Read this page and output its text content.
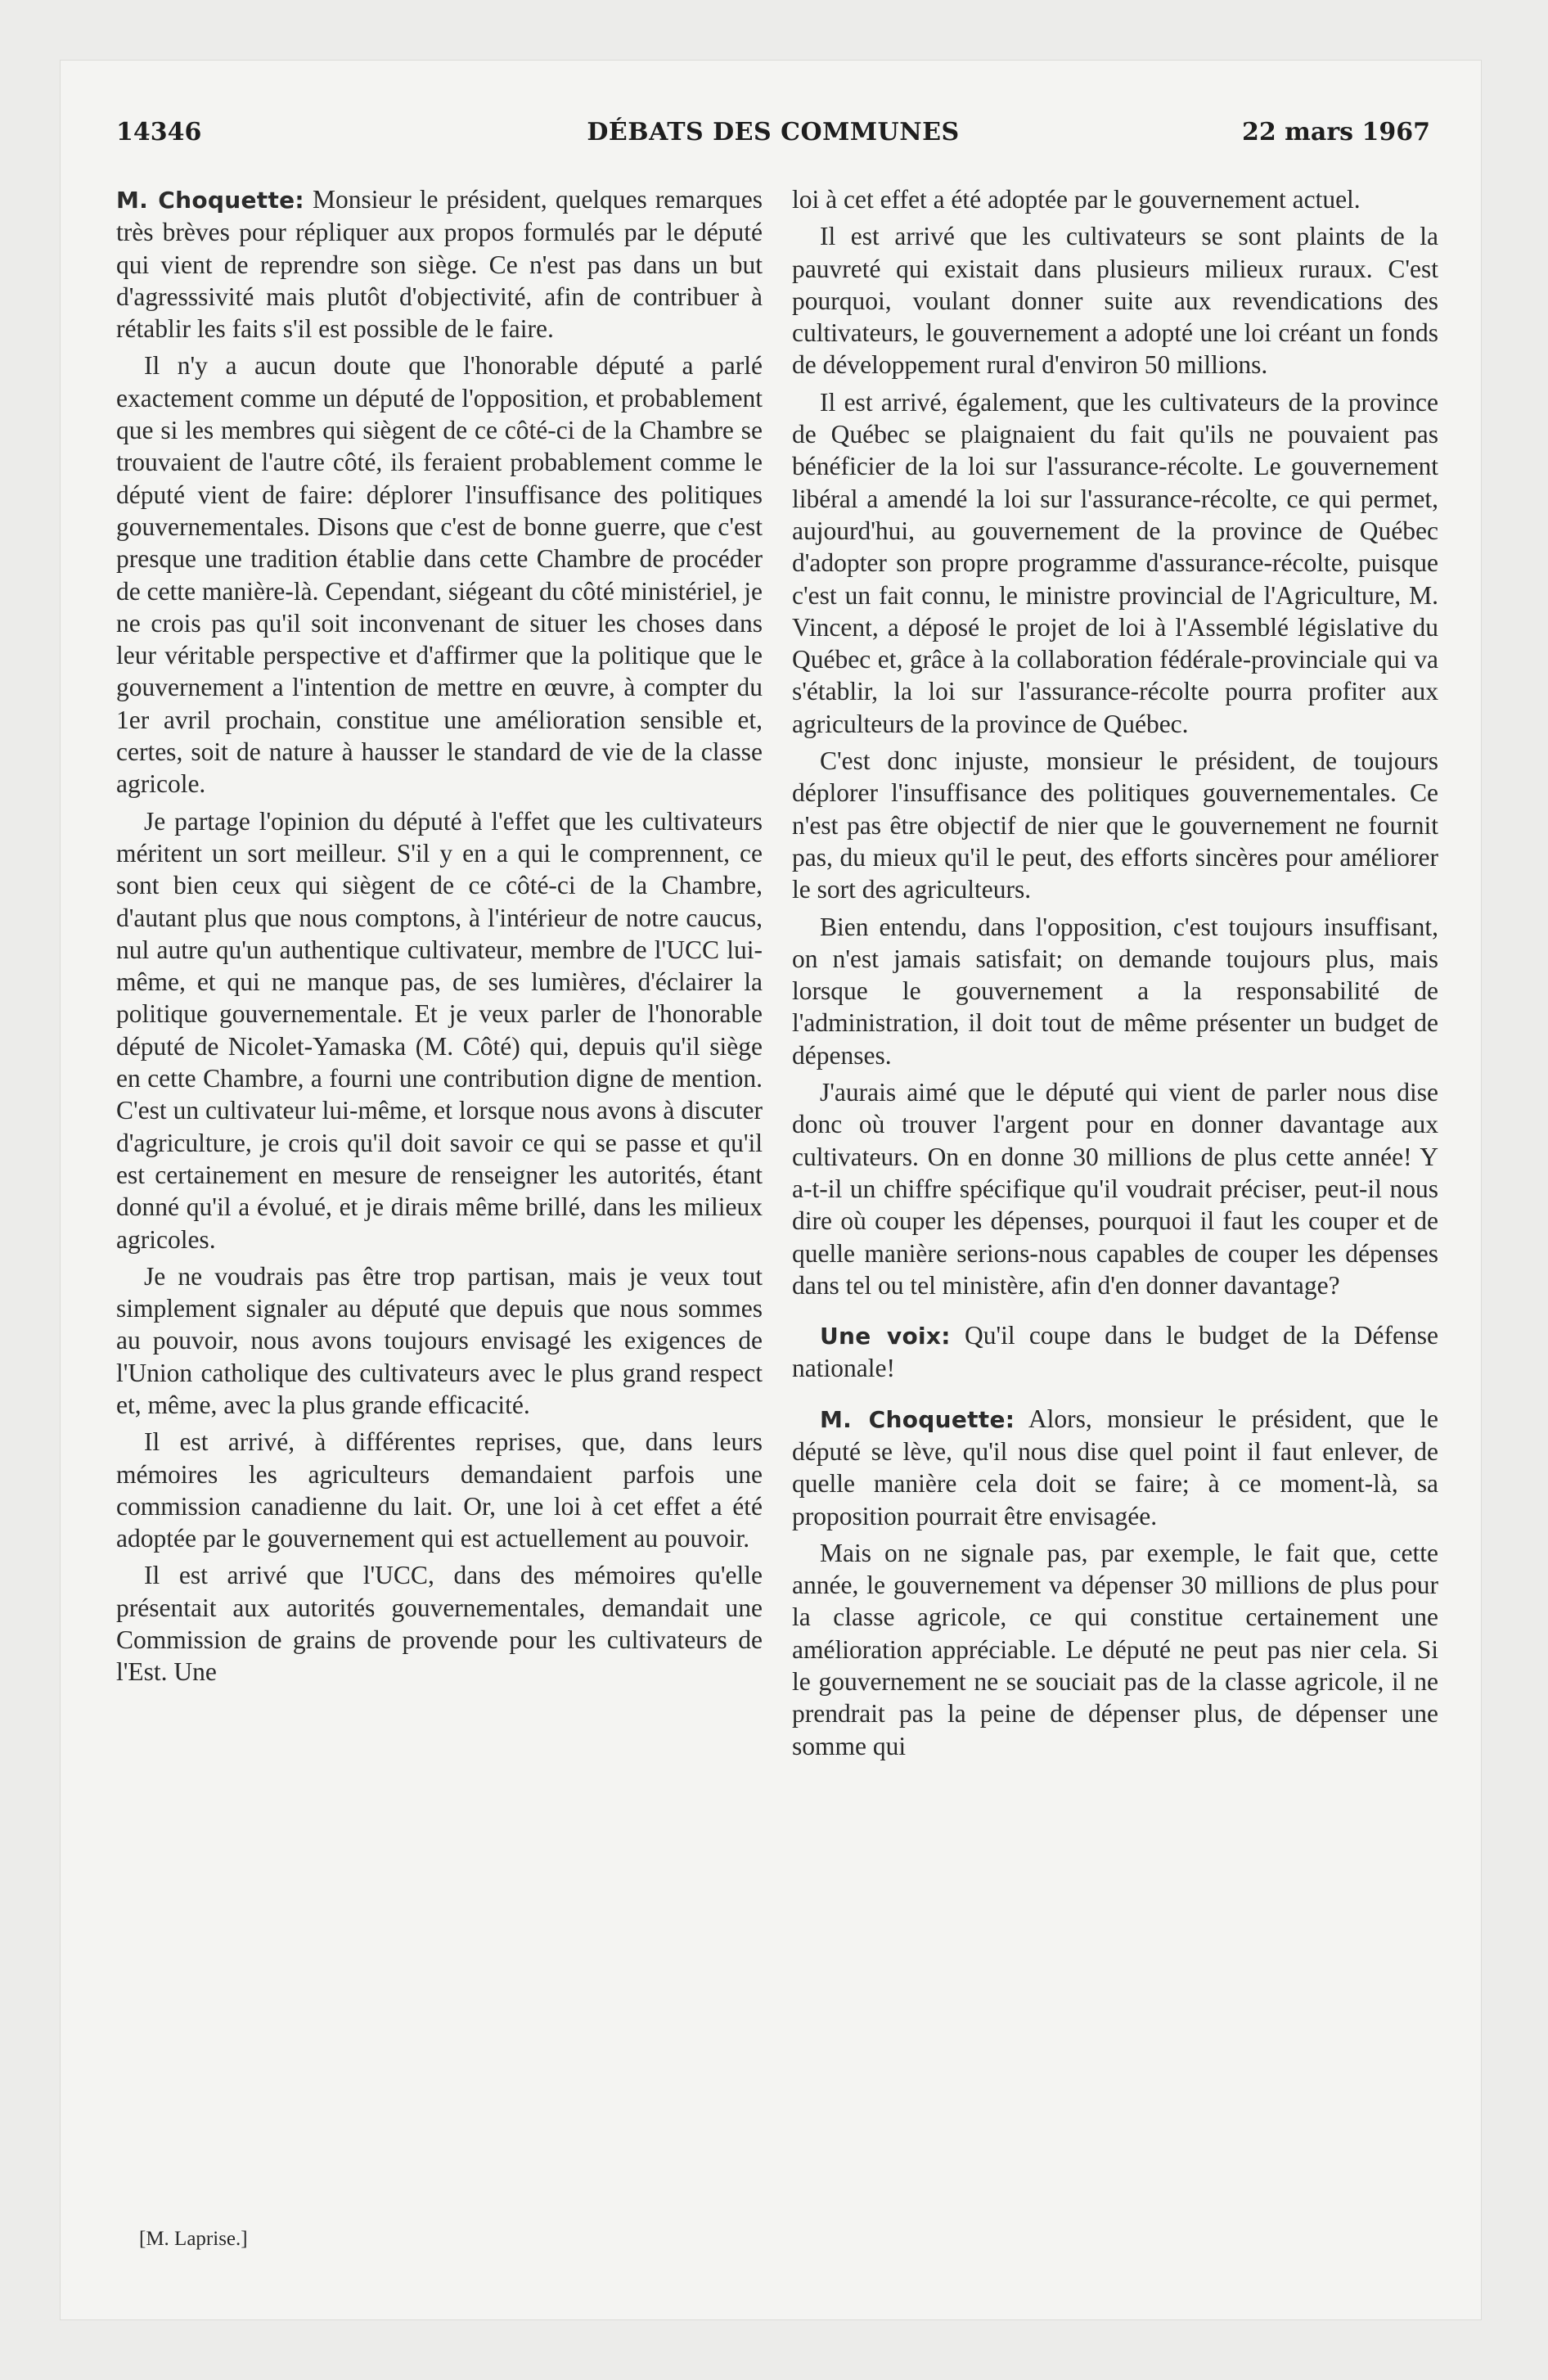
14346	DÉBATS DES COMMUNES	22 mars 1967

M. Choquette: Monsieur le président, quelques remarques très brèves pour répliquer aux propos formulés par le député qui vient de reprendre son siège. Ce n'est pas dans un but d'agresssivité mais plutôt d'objectivité, afin de contribuer à rétablir les faits s'il est possible de le faire.

Il n'y a aucun doute que l'honorable député a parlé exactement comme un député de l'opposition, et probablement que si les membres qui siègent de ce côté-ci de la Chambre se trouvaient de l'autre côté, ils feraient probablement comme le député vient de faire: déplorer l'insuffisance des politiques gouvernementales. Disons que c'est de bonne guerre, que c'est presque une tradition établie dans cette Chambre de procéder de cette manière-là. Cependant, siégeant du côté ministériel, je ne crois pas qu'il soit inconvenant de situer les choses dans leur véritable perspective et d'affirmer que la politique que le gouvernement a l'intention de mettre en œuvre, à compter du 1er avril prochain, constitue une amélioration sensible et, certes, soit de nature à hausser le standard de vie de la classe agricole.

Je partage l'opinion du député à l'effet que les cultivateurs méritent un sort meilleur. S'il y en a qui le comprennent, ce sont bien ceux qui siègent de ce côté-ci de la Chambre, d'autant plus que nous comptons, à l'intérieur de notre caucus, nul autre qu'un authentique cultivateur, membre de l'UCC lui-même, et qui ne manque pas, de ses lumières, d'éclairer la politique gouvernementale. Et je veux parler de l'honorable député de Nicolet-Yamaska (M. Côté) qui, depuis qu'il siège en cette Chambre, a fourni une contribution digne de mention. C'est un cultivateur lui-même, et lorsque nous avons à discuter d'agriculture, je crois qu'il doit savoir ce qui se passe et qu'il est certainement en mesure de renseigner les autorités, étant donné qu'il a évolué, et je dirais même brillé, dans les milieux agricoles.

Je ne voudrais pas être trop partisan, mais je veux tout simplement signaler au député que depuis que nous sommes au pouvoir, nous avons toujours envisagé les exigences de l'Union catholique des cultivateurs avec le plus grand respect et, même, avec la plus grande efficacité.

Il est arrivé, à différentes reprises, que, dans leurs mémoires les agriculteurs demandaient parfois une commission canadienne du lait. Or, une loi à cet effet a été adoptée par le gouvernement qui est actuellement au pouvoir.

Il est arrivé que l'UCC, dans des mémoires qu'elle présentait aux autorités gouvernementales, demandait une Commission de grains de provende pour les cultivateurs de l'Est. Une

loi à cet effet a été adoptée par le gouvernement actuel.

Il est arrivé que les cultivateurs se sont plaints de la pauvreté qui existait dans plusieurs milieux ruraux. C'est pourquoi, voulant donner suite aux revendications des cultivateurs, le gouvernement a adopté une loi créant un fonds de développement rural d'environ 50 millions.

Il est arrivé, également, que les cultivateurs de la province de Québec se plaignaient du fait qu'ils ne pouvaient pas bénéficier de la loi sur l'assurance-récolte. Le gouvernement libéral a amendé la loi sur l'assurance-récolte, ce qui permet, aujourd'hui, au gouvernement de la province de Québec d'adopter son propre programme d'assurance-récolte, puisque c'est un fait connu, le ministre provincial de l'Agriculture, M. Vincent, a déposé le projet de loi à l'Assemblé législative du Québec et, grâce à la collaboration fédérale-provinciale qui va s'établir, la loi sur l'assurance-récolte pourra profiter aux agriculteurs de la province de Québec.

C'est donc injuste, monsieur le président, de toujours déplorer l'insuffisance des politiques gouvernementales. Ce n'est pas être objectif de nier que le gouvernement ne fournit pas, du mieux qu'il le peut, des efforts sincères pour améliorer le sort des agriculteurs.

Bien entendu, dans l'opposition, c'est toujours insuffisant, on n'est jamais satisfait; on demande toujours plus, mais lorsque le gouvernement a la responsabilité de l'administration, il doit tout de même présenter un budget de dépenses.

J'aurais aimé que le député qui vient de parler nous dise donc où trouver l'argent pour en donner davantage aux cultivateurs. On en donne 30 millions de plus cette année! Y a-t-il un chiffre spécifique qu'il voudrait préciser, peut-il nous dire où couper les dépenses, pourquoi il faut les couper et de quelle manière serions-nous capables de couper les dépenses dans tel ou tel ministère, afin d'en donner davantage?

Une voix: Qu'il coupe dans le budget de la Défense nationale!

M. Choquette: Alors, monsieur le président, que le député se lève, qu'il nous dise quel point il faut enlever, de quelle manière cela doit se faire; à ce moment-là, sa proposition pourrait être envisagée.

Mais on ne signale pas, par exemple, le fait que, cette année, le gouvernement va dépenser 30 millions de plus pour la classe agricole, ce qui constitue certainement une amélioration appréciable. Le député ne peut pas nier cela. Si le gouvernement ne se souciait pas de la classe agricole, il ne prendrait pas la peine de dépenser plus, de dépenser une somme qui

[M. Laprise.]
